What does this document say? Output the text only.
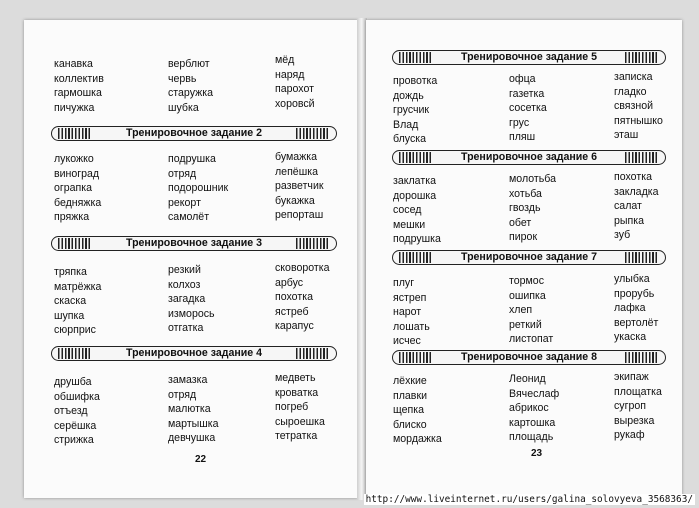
канавка
коллектив
гармошка
пичужка
верблют
червь
старужка
шубка
мёд
наряд
парохот
хоровсй
Тренировочное задание 2
лукожко
виноград
ограпка
бедняжка
пряжка
подрушка
отряд
подорошник
рекорт
самолёт
бумажка
лепёшка
разветчик
букажка
репорташ
Тренировочное задание 3
тряпка
матрёжка
скаска
шупка
сюрприс
резкий
колхоз
загадка
изморось
отгатка
сковоротка
арбус
похотка
ястреб
карапус
Тренировочное задание 4
друшба
обшифка
отъезд
серёшка
стрижка
замазка
отряд
малютка
мартышка
девчушка
медветь
кроватка
погреб
сыроешка
тетратка
22
Тренировочное задание 5
провотка
дождь
грусчик
Влад
блуска
офца
газетка
сосетка
грус
пляш
записка
гладко
связной
пятнышко
эташ
Тренировочное задание 6
заклатка
дорошка
сосед
мешки
подрушка
молотьба
хотьба
гвоздь
обет
пирок
похотка
закладка
салат
рыпка
зуб
Тренировочное задание 7
плуг
ястреп
нарот
лошать
исчес
тормос
ошипка
хлеп
реткий
листопат
улыбка
прорубь
лафка
вертолёт
укаска
Тренировочное задание 8
лёхкие
плавки
щепка
блиско
мордажка
Леонид
Вячеслаф
абрикос
картошка
площадь
экипаж
площатка
сугроп
вырезка
рукаф
23
http://www.liveinternet.ru/users/galina_solovyeva_3568363/
